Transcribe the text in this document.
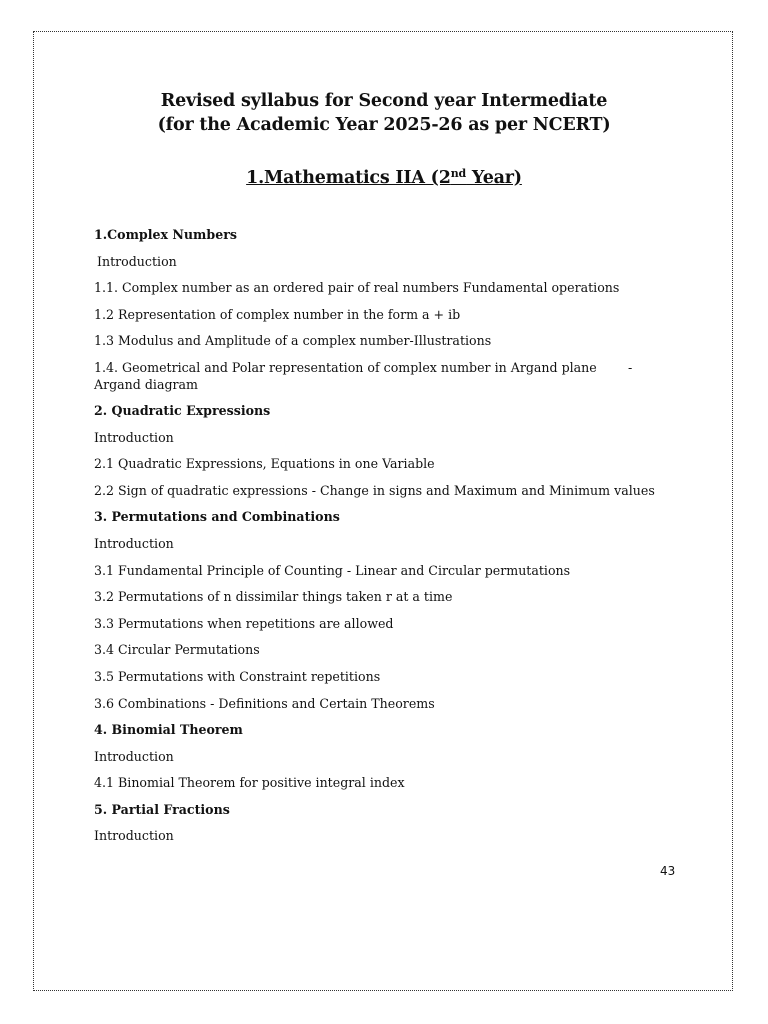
Revised syllabus for Second year Intermediate
(for the Academic Year 2025-26 as per NCERT)
1.Mathematics IIA (2nd Year)
1.Complex Numbers
Introduction
1.1. Complex number as an ordered pair of real numbers Fundamental operations
1.2 Representation of complex number in the form a + ib
1.3 Modulus and Amplitude of a complex number-Illustrations
1.4. Geometrical and Polar representation of complex number in Argand plane -

Argand diagram
2. Quadratic Expressions
Introduction
2.1 Quadratic Expressions, Equations in one Variable
2.2 Sign of quadratic expressions - Change in signs and Maximum and Minimum values
3. Permutations and Combinations
Introduction
3.1 Fundamental Principle of Counting - Linear and Circular permutations
3.2 Permutations of n dissimilar things taken r at a time
3.3 Permutations when repetitions are allowed
3.4 Circular Permutations
3.5 Permutations with Constraint repetitions
3.6 Combinations - Definitions and Certain Theorems
4. Binomial Theorem
Introduction
4.1 Binomial Theorem for positive integral index
5. Partial Fractions
Introduction
43
